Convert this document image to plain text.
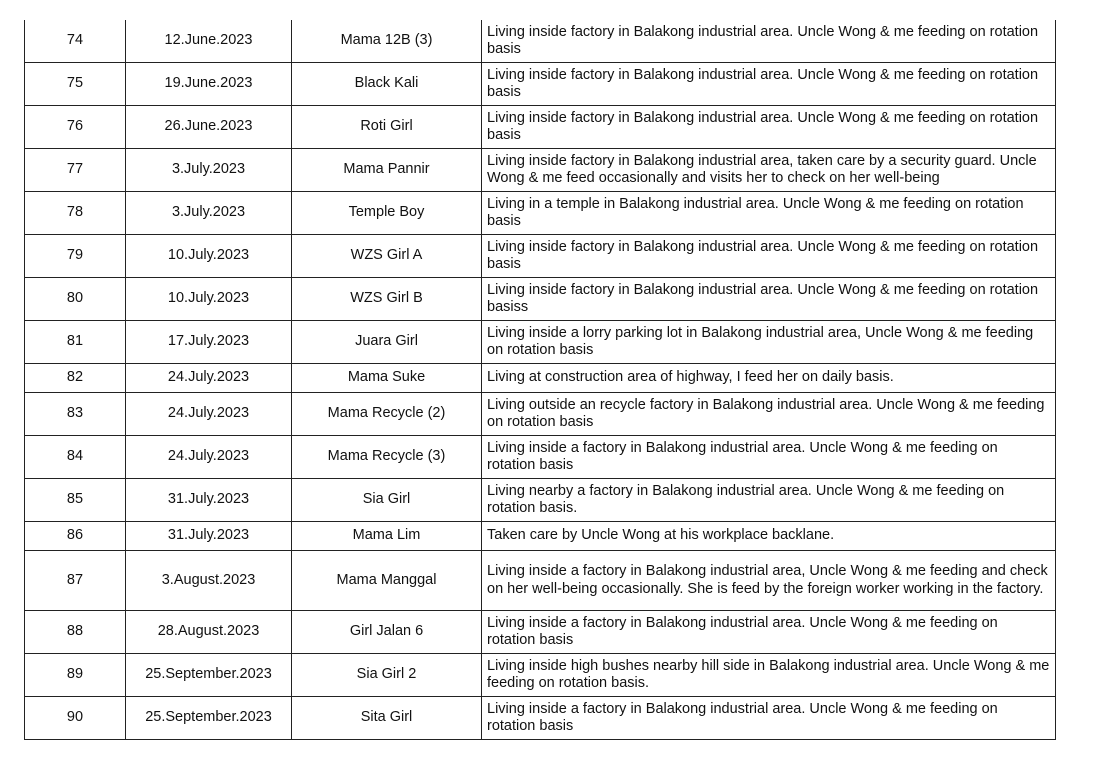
74	12.June.2023	Mama 12B (3)	Living inside factory in Balakong industrial area. Uncle Wong & me feeding on rotation basis
75	19.June.2023	Black Kali	Living inside factory in Balakong industrial area. Uncle Wong & me feeding on rotation basis
76	26.June.2023	Roti Girl	Living inside factory in Balakong industrial area. Uncle Wong & me feeding on rotation basis
77	3.July.2023	Mama Pannir	Living inside factory in Balakong industrial area, taken care by a security guard. Uncle Wong & me feed occasionally and visits her to check on her well-being
78	3.July.2023	Temple Boy	Living in a temple in Balakong industrial area. Uncle Wong & me feeding on rotation basis
79	10.July.2023	WZS Girl A	Living inside factory in Balakong industrial area. Uncle Wong & me feeding on rotation basis
80	10.July.2023	WZS Girl B	Living inside factory in Balakong industrial area. Uncle Wong & me feeding on rotation basiss
81	17.July.2023	Juara Girl	Living inside a lorry parking lot in Balakong industrial area, Uncle Wong & me feeding on rotation basis
82	24.July.2023	Mama Suke	Living at construction area of highway, I feed her on daily basis.
83	24.July.2023	Mama Recycle (2)	Living outside an recycle factory in Balakong industrial area. Uncle Wong & me feeding on rotation basis
84	24.July.2023	Mama Recycle (3)	Living inside a factory in Balakong industrial area. Uncle Wong & me feeding on rotation basis
85	31.July.2023	Sia Girl	Living nearby a factory in Balakong industrial area. Uncle Wong & me feeding on rotation basis.
86	31.July.2023	Mama Lim	Taken care by Uncle Wong at his workplace backlane.
87	3.August.2023	Mama Manggal	Living inside a factory in Balakong industrial area, Uncle Wong & me feeding and check on her well-being occasionally. She is feed by the foreign worker working in the factory.
88	28.August.2023	Girl Jalan 6	Living inside a factory in Balakong industrial area. Uncle Wong & me feeding on rotation basis
89	25.September.2023	Sia Girl 2	Living inside high bushes nearby hill side in Balakong industrial area. Uncle Wong & me feeding on rotation basis.
90	25.September.2023	Sita Girl	Living inside a factory in Balakong industrial area. Uncle Wong & me feeding on rotation basis
